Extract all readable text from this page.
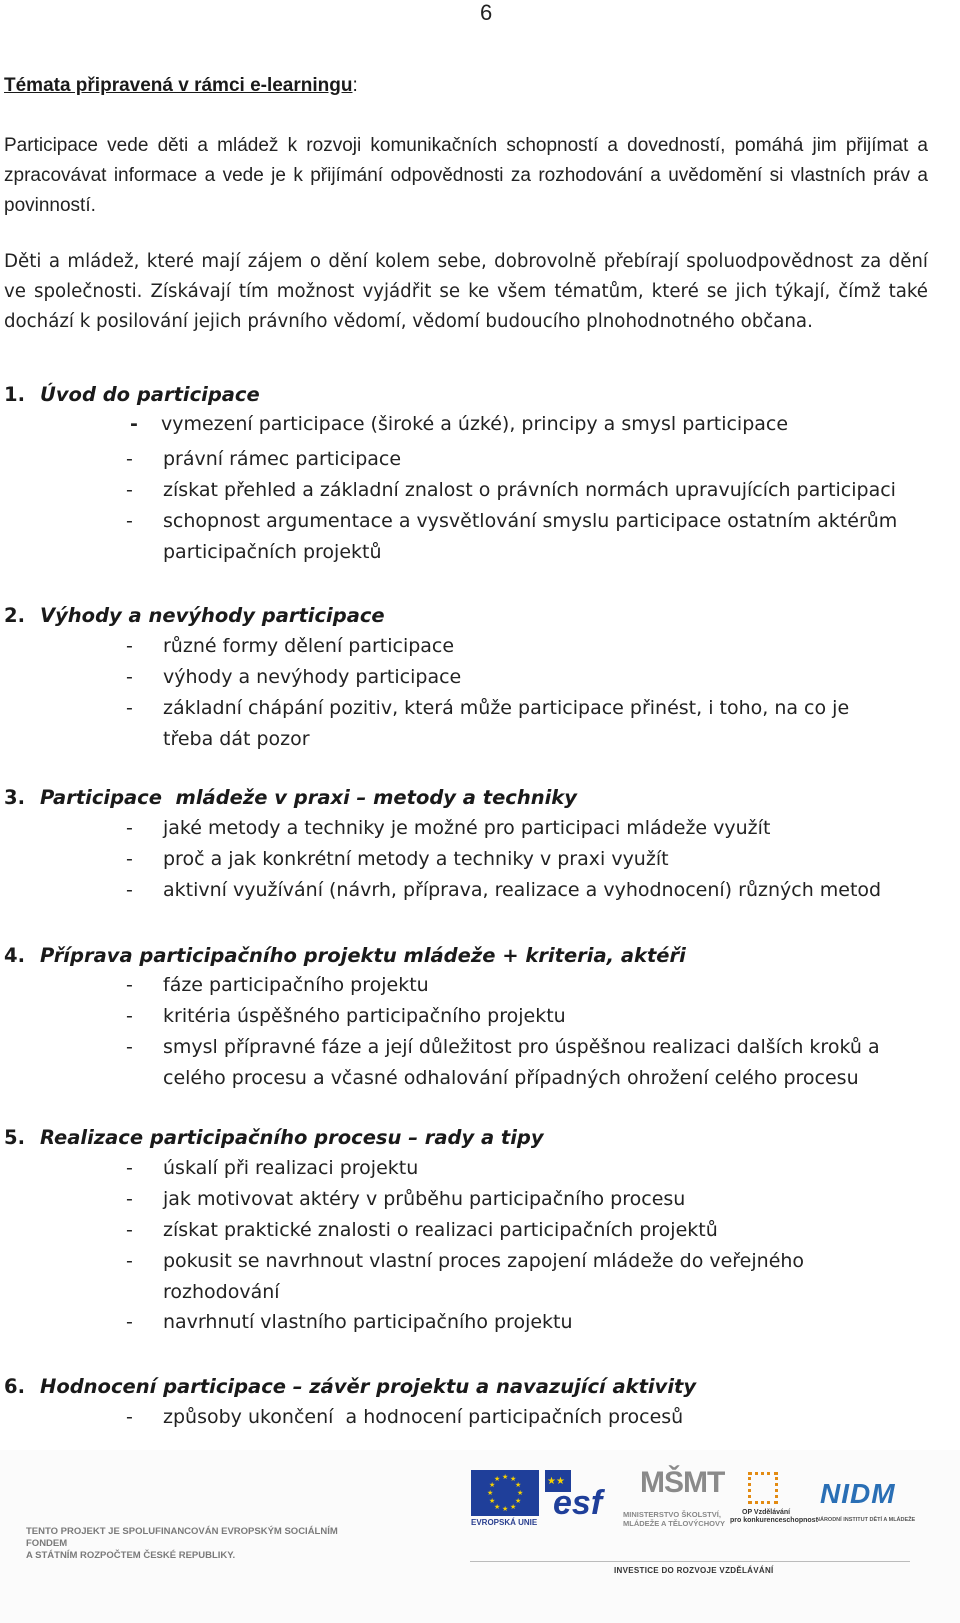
6
Témata připravená v rámci e-learningu:
Participace vede děti a mládež k rozvoji komunikačních schopností a dovedností, pomáhá jim přijímat a zpracovávat informace a vede je k přijímání odpovědnosti za rozhodování a uvědomění si vlastních práv a povinností.
Děti a mládež, které mají zájem o dění kolem sebe, dobrovolně přebírají spoluodpovědnost za dění ve společnosti. Získávají tím možnost vyjádřit se ke všem tématům, které se jich týkají, čímž také dochází k posilování jejich právního vědomí, vědomí budoucího plnohodnotného občana.
1. Úvod do participace
- vymezení participace (široké a úzké), principy a smysl participace
- právní rámec participace
- získat přehled a základní znalost o právních normách upravujících participaci
- schopnost argumentace a vysvětlování smyslu participace ostatním aktérům participačních projektů
2. Výhody a nevýhody participace
- různé formy dělení participace
- výhody a nevýhody participace
- základní chápání pozitiv, která může participace přinést, i toho, na co je třeba dát pozor
3. Participace  mládeže v praxi – metody a techniky
- jaké metody a techniky je možné pro participaci mládeže využít
- proč a jak konkrétní metody a techniky v praxi využít
- aktivní využívání (návrh, příprava, realizace a vyhodnocení) různých metod
4. Příprava participačního projektu mládeže + kriteria, aktéři
- fáze participačního projektu
- kritéria úspěšného participačního projektu
- smysl přípravné fáze a její důležitost pro úspěšnou realizaci dalších kroků a celého procesu a včasné odhalování případných ohrožení celého procesu
5. Realizace participačního procesu – rady a tipy
- úskalí při realizaci projektu
- jak motivovat aktéry v průběhu participačního procesu
- získat praktické znalosti o realizaci participačních projektů
- pokusit se navrhnout vlastní proces zapojení mládeže do veřejného rozhodování
- navrhnutí vlastního participačního projektu
6. Hodnocení participace – závěr projektu a navazující aktivity
- způsoby ukončení  a hodnocení participačních procesů
TENTO PROJEKT JE SPOLUFINANCOVÁN EVROPSKÝM SOCIÁLNÍM FONDEM
A STÁTNÍM ROZPOČTEM ČESKÉ REPUBLIKY.
★ ★
★
★
★
★
★
★
★
★
★
★
EVROPSKÁ UNIE
★★
esf
MŠMT
MINISTERSTVO ŠKOLSTVÍ,
MLÁDEŽE A TĚLOVÝCHOVY
OP Vzdělávání
pro konkurenceschopnost
NIDM
NÁRODNÍ INSTITUT DĚTÍ A MLÁDEŽE
INVESTICE DO ROZVOJE VZDĚLÁVÁNÍ
